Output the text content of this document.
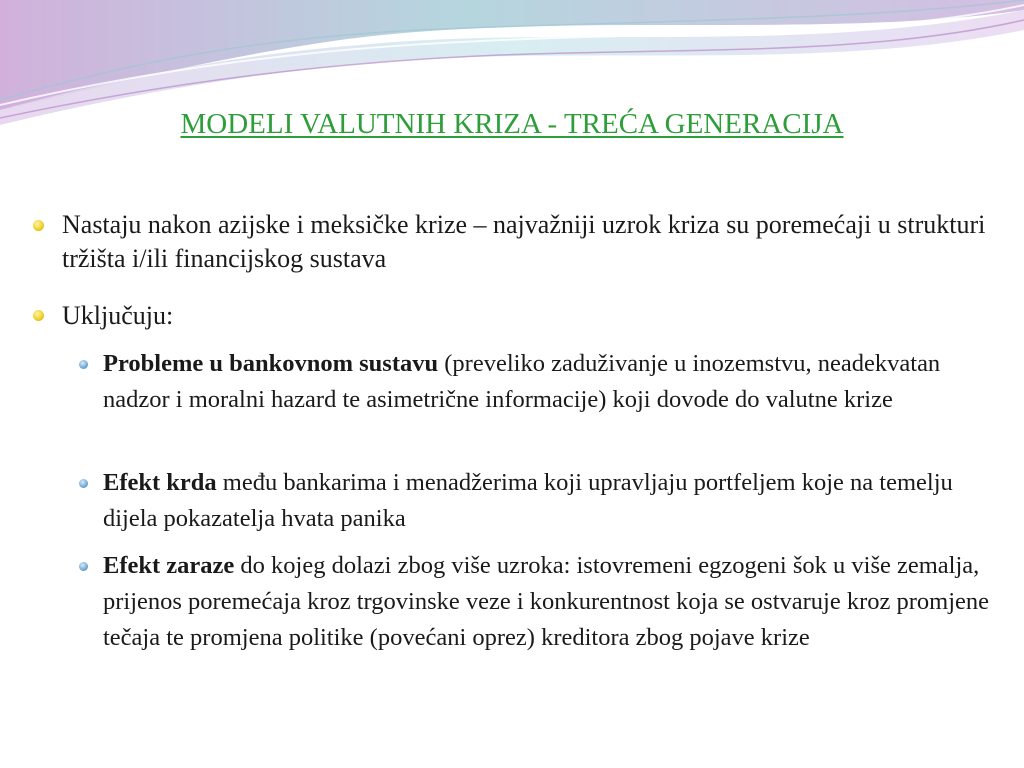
MODELI VALUTNIH KRIZA - TREĆA GENERACIJA
Nastaju nakon azijske i meksičke krize – najvažniji uzrok kriza su poremećaji u strukturi tržišta i/ili financijskog sustava
Uključuju:
Probleme u bankovnom sustavu (preveliko zaduživanje u inozemstvu, neadekvatan nadzor i moralni hazard te asimetrične informacije) koji dovode do valutne krize
Efekt krda među bankarima i menadžerima koji upravljaju portfeljem koje na temelju dijela pokazatelja hvata panika
Efekt zaraze do kojeg dolazi zbog više uzroka: istovremeni egzogeni šok u više zemalja, prijenos poremećaja kroz trgovinske veze i konkurentnost koja se ostvaruje kroz promjene tečaja te promjena politike (povećani oprez) kreditora zbog pojave krize
